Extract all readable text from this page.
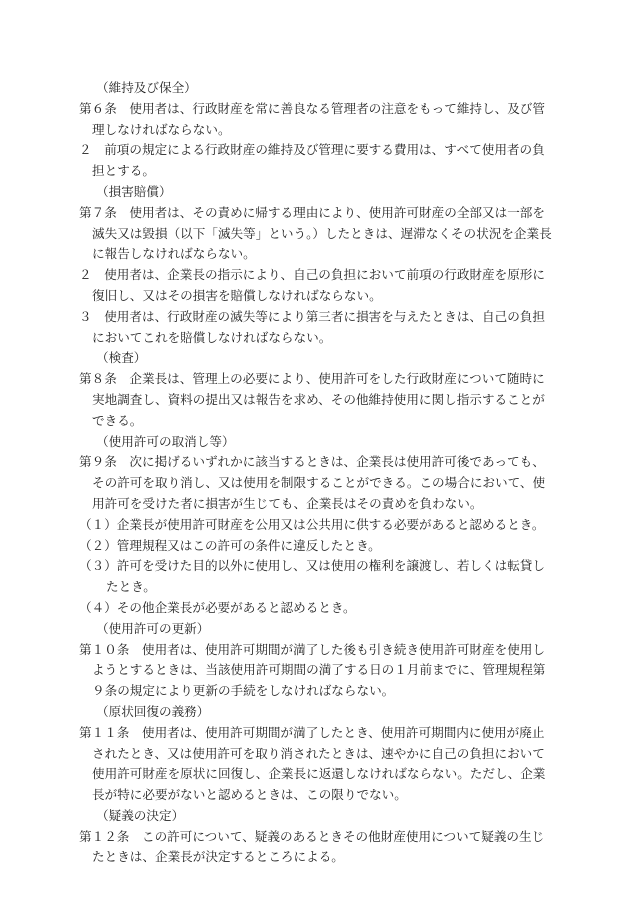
（維持及び保全）
第６条　使用者は、行政財産を常に善良なる管理者の注意をもって維持し、及び管理しなければならない。
２　前項の規定による行政財産の維持及び管理に要する費用は、すべて使用者の負担とする。
（損害賠償）
第７条　使用者は、その責めに帰する理由により、使用許可財産の全部又は一部を滅失又は毀損（以下「滅失等」という。）したときは、遅滞なくその状況を企業長に報告しなければならない。
２　使用者は、企業長の指示により、自己の負担において前項の行政財産を原形に復旧し、又はその損害を賠償しなければならない。
３　使用者は、行政財産の滅失等により第三者に損害を与えたときは、自己の負担においてこれを賠償しなければならない。
（検査）
第８条　企業長は、管理上の必要により、使用許可をした行政財産について随時に実地調査し、資料の提出又は報告を求め、その他維持使用に関し指示することができる。
（使用許可の取消し等）
第９条　次に掲げるいずれかに該当するときは、企業長は使用許可後であっても、その許可を取り消し、又は使用を制限することができる。この場合において、使用許可を受けた者に損害が生じても、企業長はその責めを負わない。
（１）企業長が使用許可財産を公用又は公共用に供する必要があると認めるとき。
（２）管理規程又はこの許可の条件に違反したとき。
（３）許可を受けた目的以外に使用し、又は使用の権利を譲渡し、若しくは転貸したとき。
（４）その他企業長が必要があると認めるとき。
（使用許可の更新）
第１０条　使用者は、使用許可期間が満了した後も引き続き使用許可財産を使用しようとするときは、当該使用許可期間の満了する日の１月前までに、管理規程第９条の規定により更新の手続をしなければならない。
（原状回復の義務）
第１１条　使用者は、使用許可期間が満了したとき、使用許可期間内に使用が廃止されたとき、又は使用許可を取り消されたときは、速やかに自己の負担において使用許可財産を原状に回復し、企業長に返還しなければならない。ただし、企業長が特に必要がないと認めるときは、この限りでない。
（疑義の決定）
第１２条　この許可について、疑義のあるときその他財産使用について疑義の生じたときは、企業長が決定するところによる。
